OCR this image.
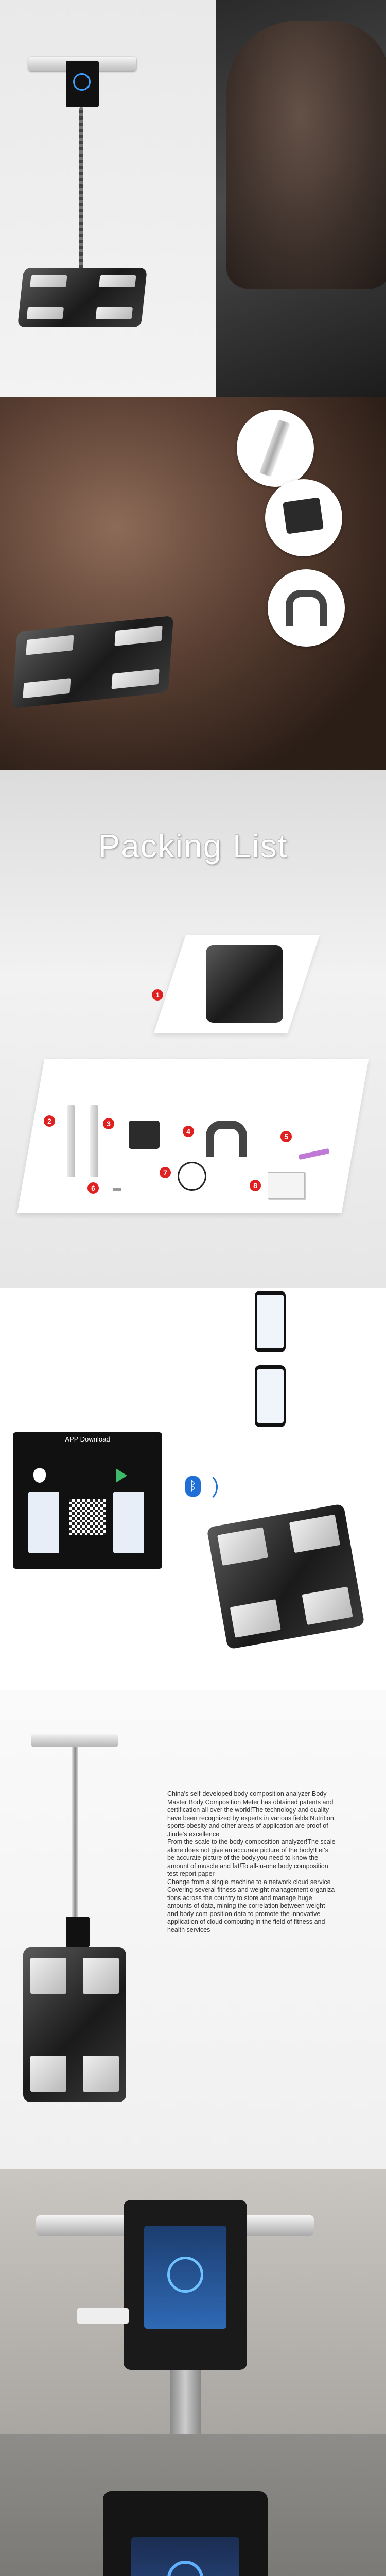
Packing List
1
2	3
4
5
6
7
8
APP Download
ᛒ
China's self-developed body composition analyzer Body Master Body Composition Meter has obtained patents and certification all over the world!The technology and quality have been recognized by experts in various fields!Nutrition, sports obesity and other areas of application are proof of Jinde's excellence
From the scale to the body composition analyzer!The scale alone does not give an accurate picture of the body!Let's be accurate picture of the body.you need to know the amount of muscle and fat!To all-in-one body composition test report paper
Change from a single machine to a network cloud service Covering several fitness and weight management organiza-tions across the country to store and manage huge amounts of data, mining the correlation between weight and body com-position data to promote the innovative application of cloud computing in the field of fitness and health services
